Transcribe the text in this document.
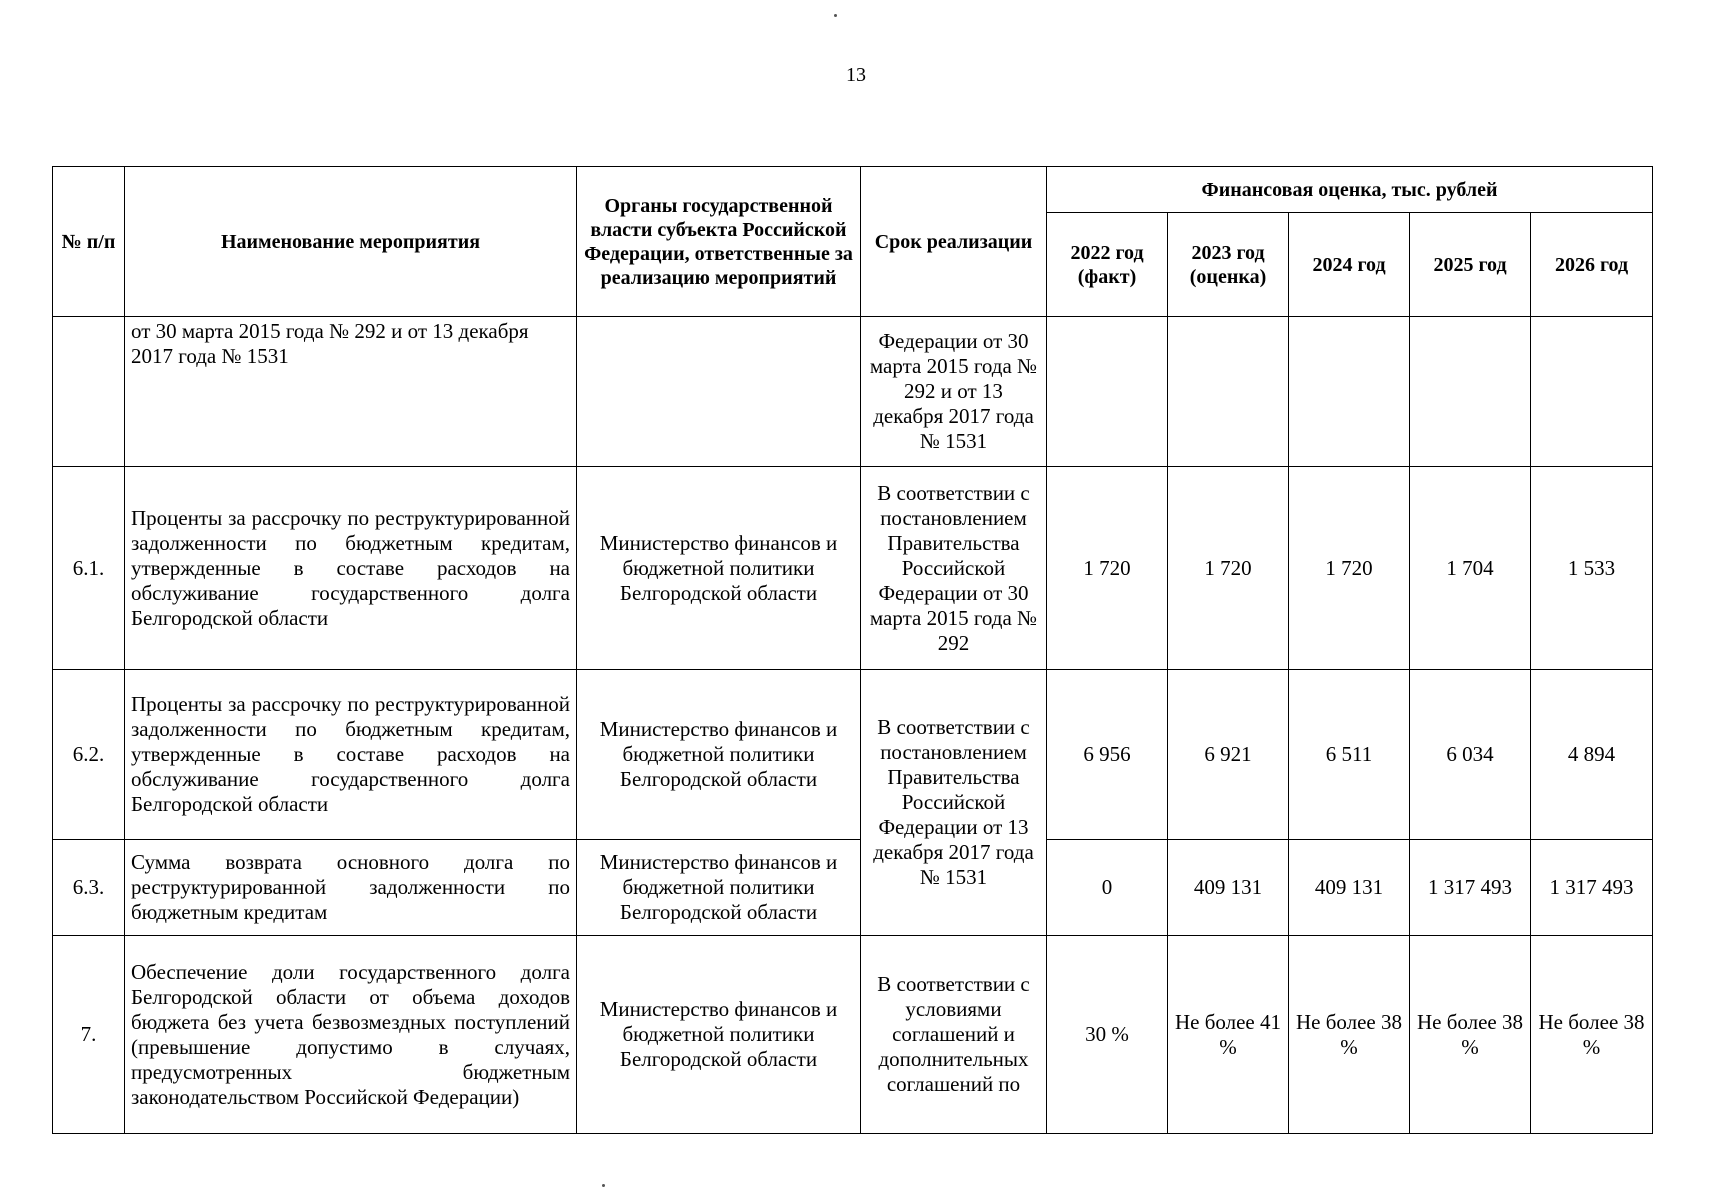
13
№ п/п	Наименование мероприятия	Органы государственной власти субъекта Российской Федерации, ответственные за реализацию мероприятий	Срок реализации	Финансовая оценка, тыс. рублей				
				2022 год (факт)	2023 год (оценка)	2024 год	2025 год	2026 год
	от 30 марта 2015 года № 292 и от 13 декабря 2017 года № 1531		Федерации от 30 марта 2015 года № 292 и от 13 декабря 2017 года № 1531					
6.1.	Проценты за рассрочку по реструктурированной задолженности по бюджетным кредитам, утвержденные в составе расходов на обслуживание государственного долга Белгородской области	Министерство финансов и бюджетной политики Белгородской области	В соответствии с постановлением Правительства Российской Федерации от 30 марта 2015 года № 292	1 720	1 720	1 720	1 704	1 533
6.2.	Проценты за рассрочку по реструктурированной задолженности по бюджетным кредитам, утвержденные в составе расходов на обслуживание государственного долга Белгородской области	Министерство финансов и бюджетной политики Белгородской области	В соответствии с постановлением Правительства Российской Федерации от 13 декабря 2017 года № 1531	6 956	6 921	6 511	6 034	4 894
6.3.	Сумма возврата основного долга по реструктурированной задолженности по бюджетным кредитам	Министерство финансов и бюджетной политики Белгородской области		0	409 131	409 131	1 317 493	1 317 493
7.	Обеспечение доли государственного долга Белгородской области от объема доходов бюджета без учета безвозмездных поступлений (превышение допустимо в случаях, предусмотренных бюджетным законодательством Российской Федерации)	Министерство финансов и бюджетной политики Белгородской области	В соответствии с условиями соглашений и дополнительных соглашений по	30 %	Не более 41 %	Не более 38 %	Не более 38 %	Не более 38 %
